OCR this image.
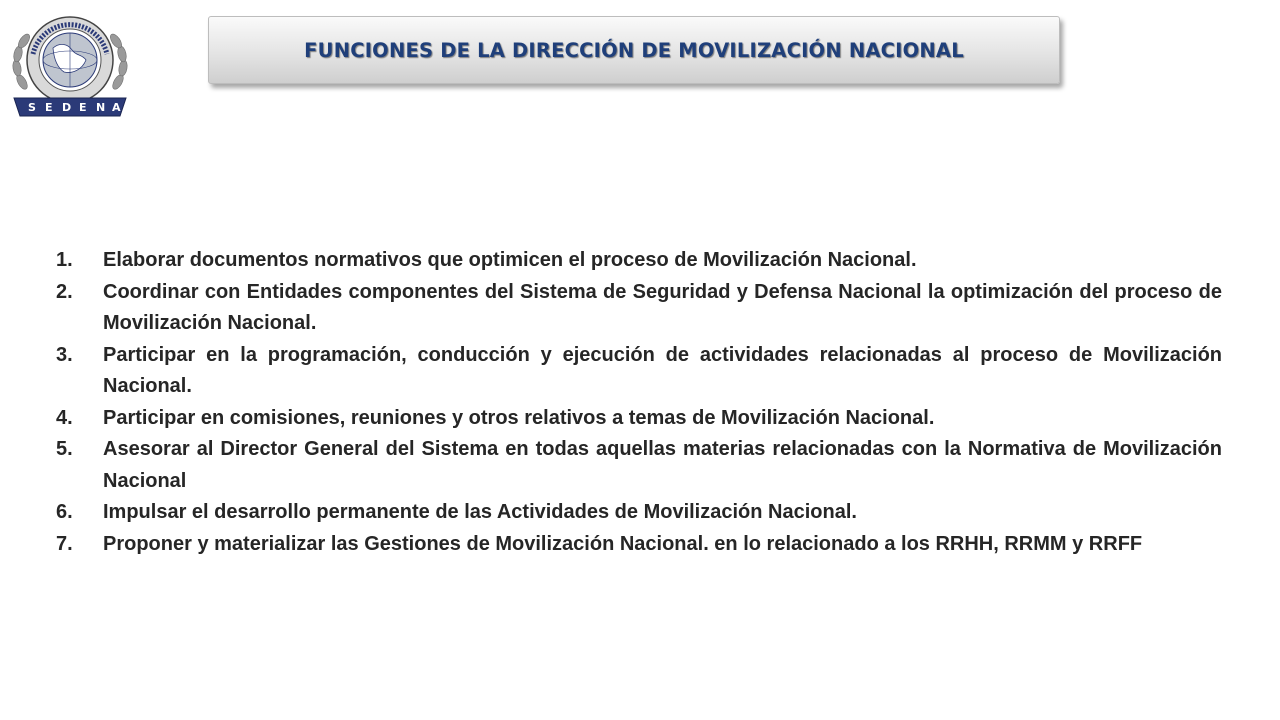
S E D E N A
FUNCIONES DE LA DIRECCIÓN DE MOVILIZACIÓN NACIONAL
1.	Elaborar documentos normativos que optimicen el proceso de Movilización Nacional.
2.	Coordinar con Entidades componentes del Sistema de Seguridad y Defensa Nacional la optimización del proceso de Movilización Nacional.
3.	Participar en la programación, conducción y ejecución de actividades relacionadas al proceso de Movilización Nacional.
4.	Participar en comisiones, reuniones y otros relativos a temas de Movilización Nacional.
5.	Asesorar al Director General del Sistema en todas aquellas materias relacionadas con la Normativa de Movilización Nacional
6.	Impulsar el desarrollo permanente de las Actividades de Movilización Nacional.
7.	Proponer y materializar las Gestiones de Movilización Nacional. en lo relacionado a los RRHH, RRMM y RRFF
